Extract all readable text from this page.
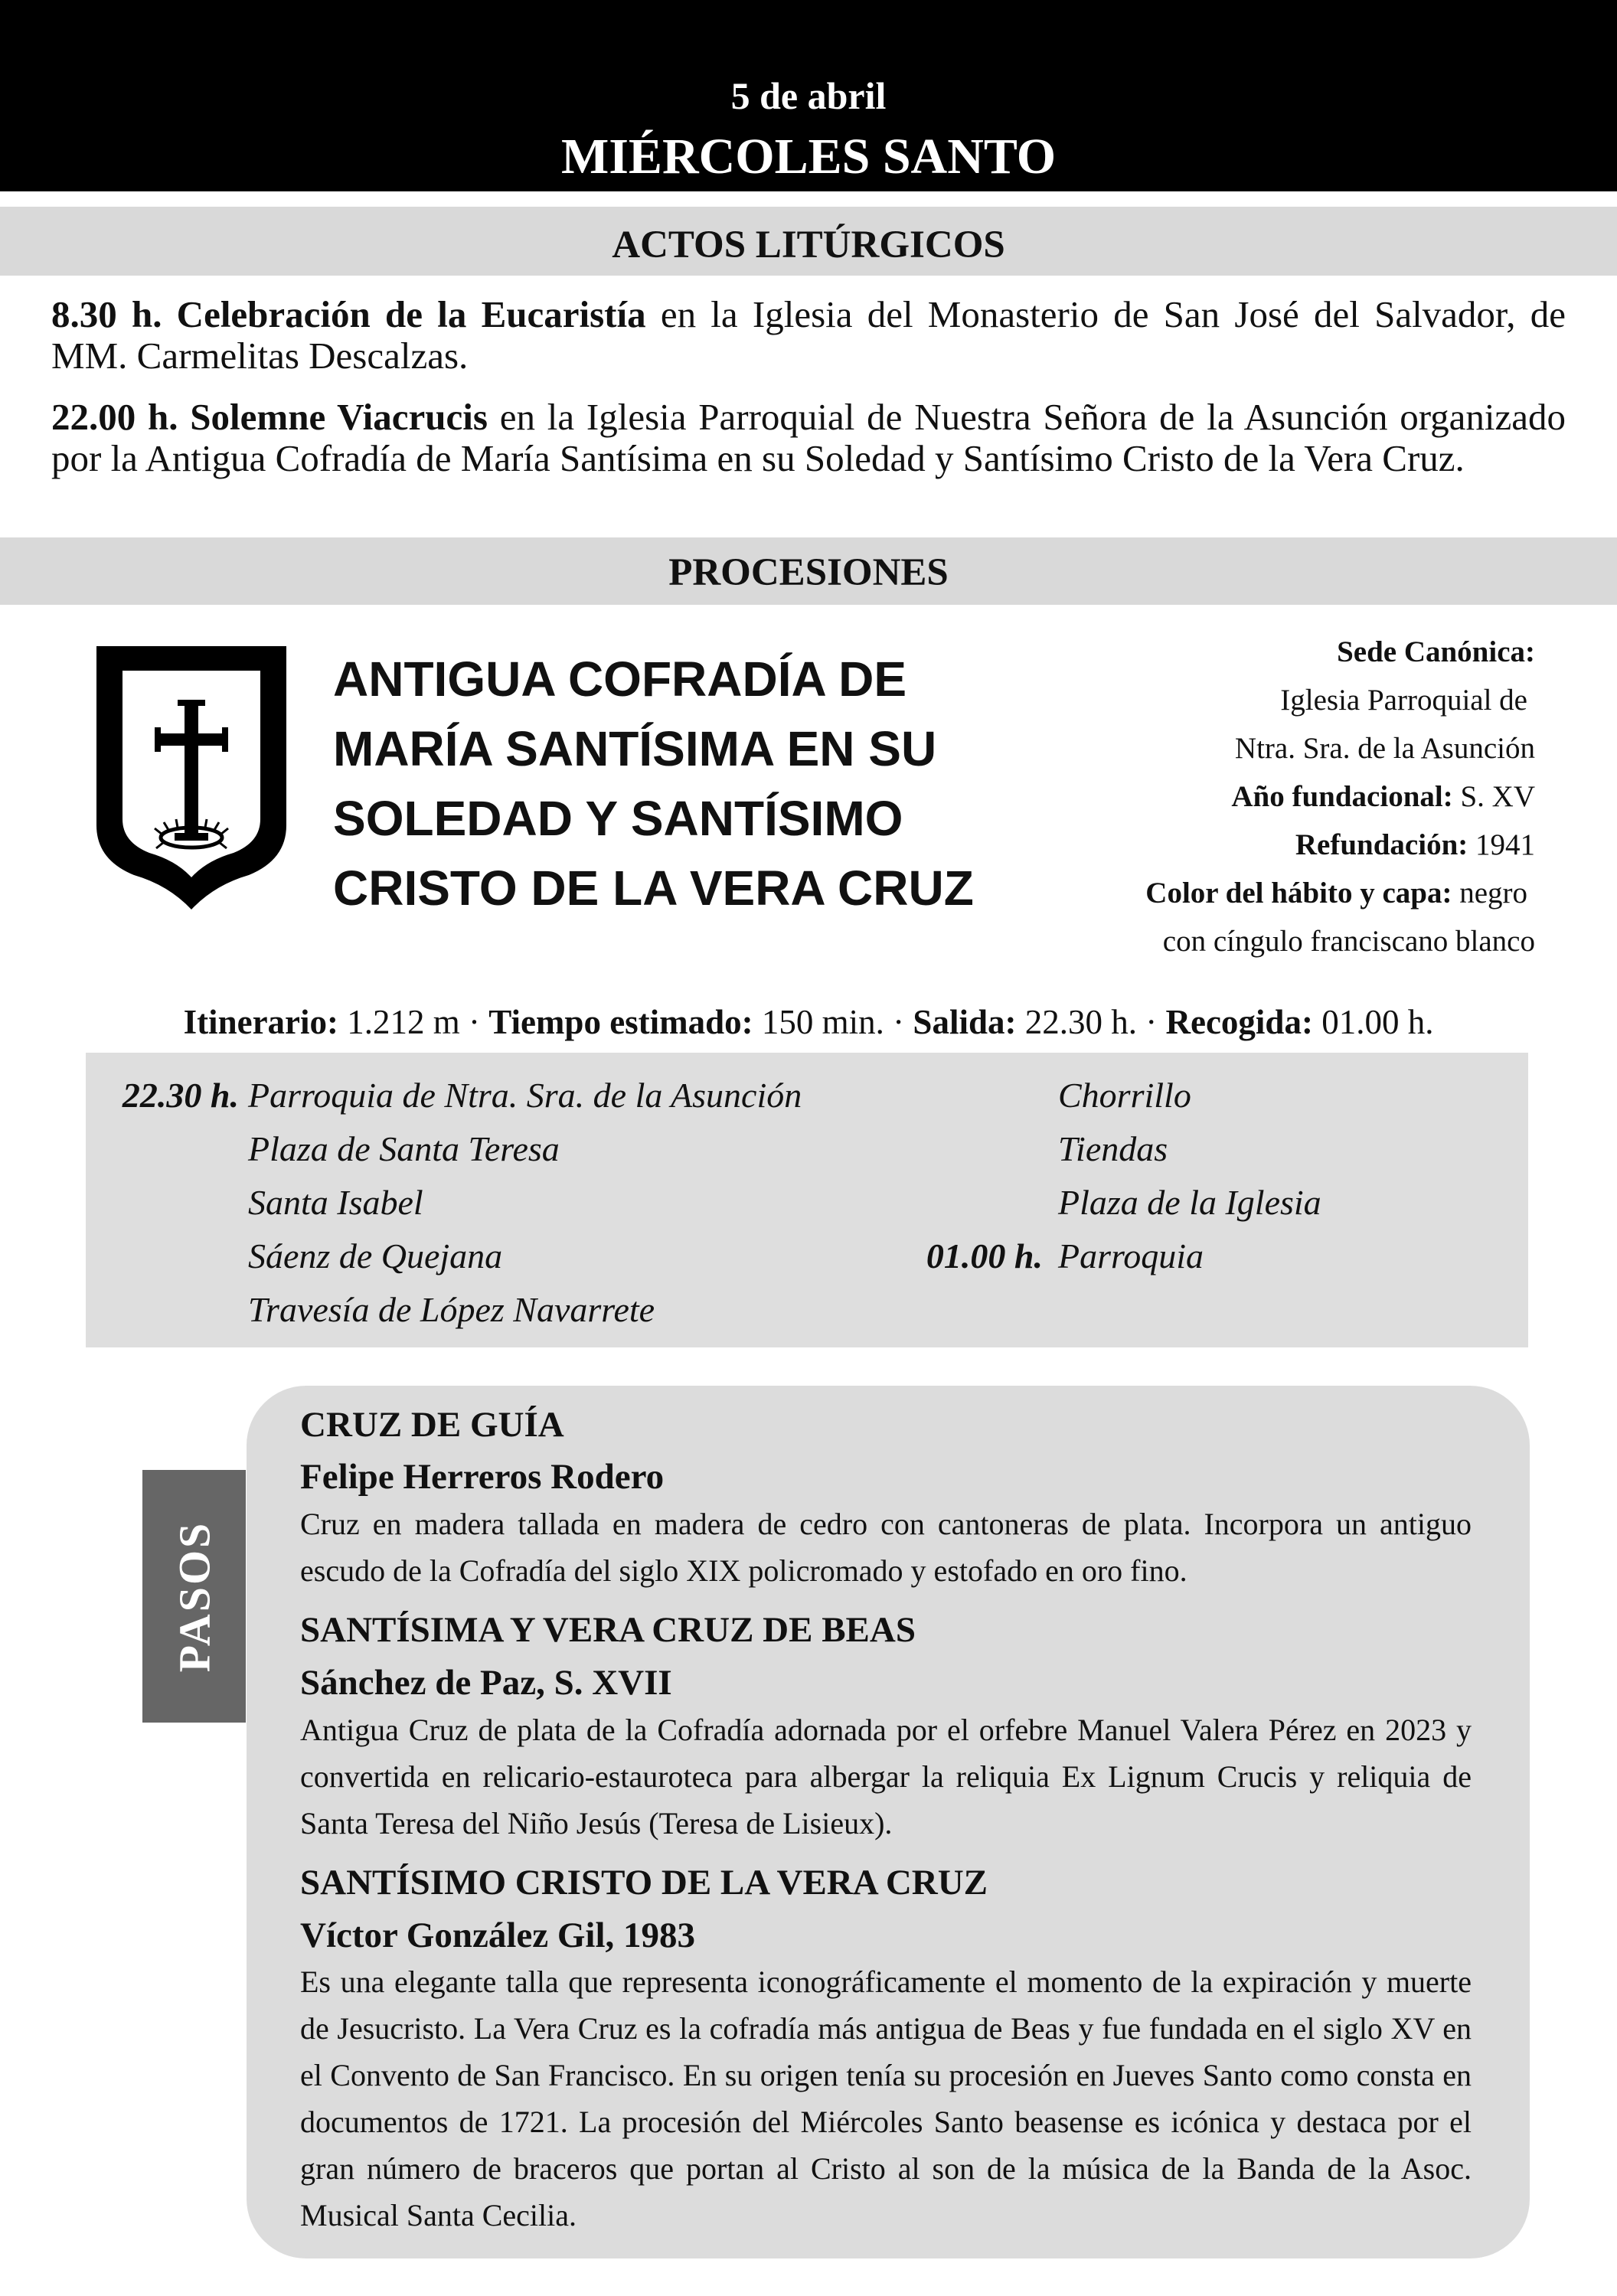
5 de abril
MIÉRCOLES SANTO
ACTOS LITÚRGICOS
8.30 h. Celebración de la Eucaristía en la Iglesia del Monasterio de San José del Salvador, de MM. Carmelitas Descalzas.
22.00 h. Solemne Viacrucis en la Iglesia Parroquial de Nuestra Señora de la Asunción organizado por la Antigua Cofradía de María Santísima en su Soledad y Santísimo Cristo de la Vera Cruz.
PROCESIONES
ANTIGUA COFRADÍA DE
MARÍA SANTÍSIMA EN SU
SOLEDAD Y SANTÍSIMO
CRISTO DE LA VERA CRUZ
Sede Canónica:
Iglesia Parroquial de
Ntra. Sra. de la Asunción
Año fundacional: S. XV
Refundación: 1941
Color del hábito y capa: negro
con cíngulo franciscano blanco
Itinerario: 1.212 m · Tiempo estimado: 150 min. · Salida: 22.30 h. · Recogida: 01.00 h.
22.30 h. Parroquia de Ntra. Sra. de la Asunción
Plaza de Santa Teresa
Santa Isabel
Sáenz de Quejana
Travesía de López Navarrete
Chorrillo
Tiendas
Plaza de la Iglesia
01.00 h. Parroquia
PASOS
CRUZ DE GUÍA
Felipe Herreros Rodero
Cruz en madera tallada en madera de cedro con cantoneras de plata. Incorpora un antiguo escudo de la Cofradía del siglo XIX policromado y estofado en oro fino.
SANTÍSIMA Y VERA CRUZ DE BEAS
Sánchez de Paz, S. XVII
Antigua Cruz de plata de la Cofradía adornada por el orfebre Manuel Valera Pérez en 2023 y convertida en relicario-estauroteca para albergar la reliquia Ex Lignum Crucis y reliquia de Santa Teresa del Niño Jesús (Teresa de Lisieux).
SANTÍSIMO CRISTO DE LA VERA CRUZ
Víctor González Gil, 1983
Es una elegante talla que representa iconográficamente el momento de la expiración y muerte de Jesucristo. La Vera Cruz es la cofradía más antigua de Beas y fue fundada en el siglo XV en el Convento de San Francisco. En su origen tenía su procesión en Jueves Santo como consta en documentos de 1721. La procesión del Miércoles Santo beasense es icónica y destaca por el gran número de braceros que portan al Cristo al son de la música de la Banda de la Asoc. Musical Santa Cecilia.
